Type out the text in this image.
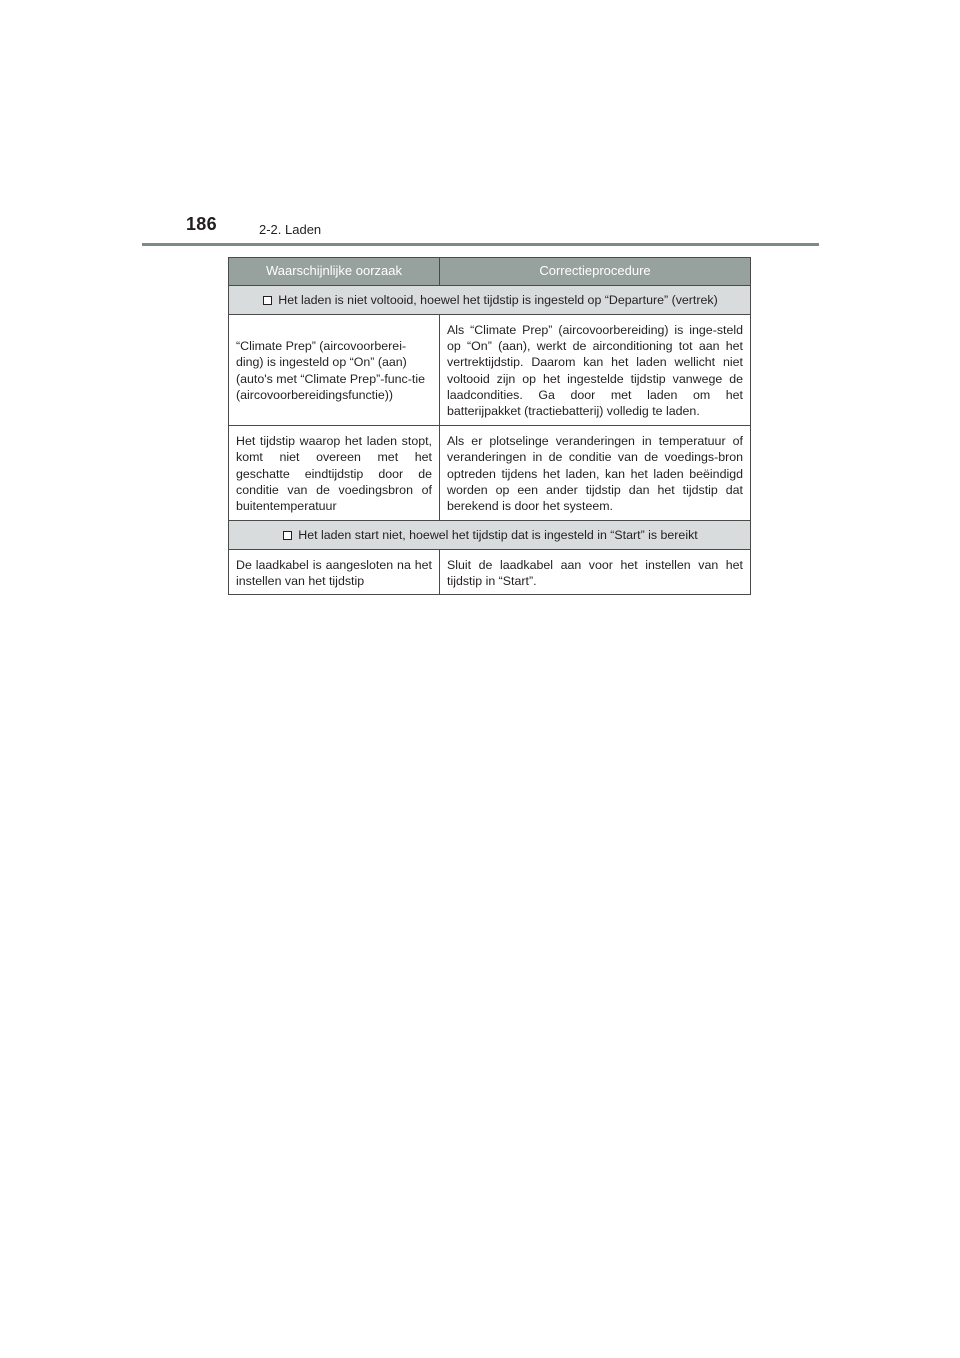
186	2-2. Laden
Waarschijnlijke oorzaak	Correctieprocedure
Het laden is niet voltooid, hoewel het tijdstip is ingesteld op “Departure” (vertrek)	
“Climate Prep” (aircovoorberei-ding) is ingesteld op “On” (aan) (auto's met “Climate Prep”-func-tie (aircovoorbereidingsfunctie))	Als “Climate Prep” (aircovoorbereiding) is inge-steld op “On” (aan), werkt de airconditioning tot aan het vertrektijdstip. Daarom kan het laden wellicht niet voltooid zijn op het ingestelde tijdstip vanwege de laadcondities. Ga door met laden om het batterijpakket (tractiebatterij) volledig te laden.
Het tijdstip waarop het laden stopt, komt niet overeen met het geschatte eindtijdstip door de conditie van de voedingsbron of buitentemperatuur	Als er plotselinge veranderingen in temperatuur of veranderingen in de conditie van de voedings-bron optreden tijdens het laden, kan het laden beëindigd worden op een ander tijdstip dan het tijdstip dat berekend is door het systeem.
Het laden start niet, hoewel het tijdstip dat is ingesteld in “Start” is bereikt	
De laadkabel is aangesloten na het instellen van het tijdstip	Sluit de laadkabel aan voor het instellen van het tijdstip in “Start”.
